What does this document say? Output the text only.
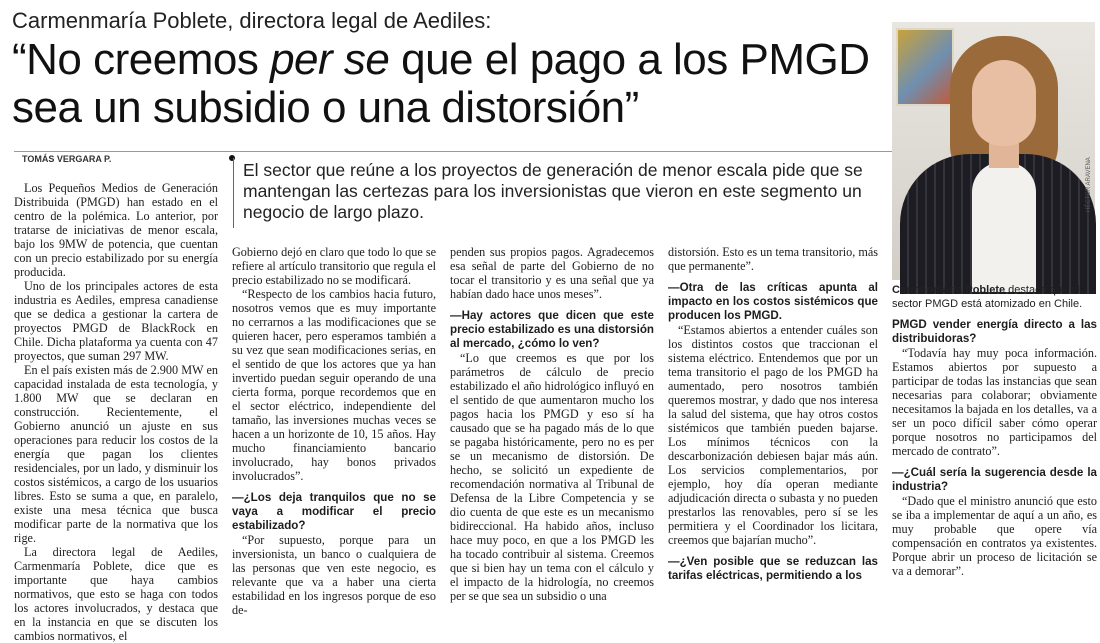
Carmenmaría Poblete, directora legal de Aediles:
“No creemos per se que el pago a los PMGD sea un subsidio o una distorsión”
TOMÁS VERGARA P.
El sector que reúne a los proyectos de generación de menor escala pide que se mantengan las certezas para los inversionistas que vieron en este segmento un negocio de largo plazo.

Los Pequeños Medios de Generación Distribuida (PMGD) han estado en el centro de la polémica. Lo anterior, por tratarse de iniciativas de menor escala, bajo los 9MW de potencia, que cuentan con un precio estabilizado por su energía producida.

Uno de los principales actores de esta industria es Aediles, empresa canadiense que se dedica a gestionar la cartera de proyectos PMGD de BlackRock en Chile. Dicha plataforma ya cuenta con 47 proyectos, que suman 297 MW.

En el país existen más de 2.900 MW en capacidad instalada de esta tecnología, y 1.800 MW que se declaran en construcción. Recientemente, el Gobierno anunció un ajuste en sus operaciones para reducir los costos de la energía que pagan los clientes residenciales, por un lado, y disminuir los costos sistémicos, a cargo de los usuarios libres. Esto se suma a que, en paralelo, existe una mesa técnica que busca modificar parte de la normativa que los rige.

La directora legal de Aediles, Carmenmaría Poblete, dice que es importante que haya cambios normativos, que esto se haga con todos los actores involucrados, y destaca que en la instancia en que se discuten los cambios normativos, el

Gobierno dejó en claro que todo lo que se refiere al artículo transitorio que regula el precio estabilizado no se modificará.

“Respecto de los cambios hacia futuro, nosotros vemos que es muy importante no cerrarnos a las modificaciones que se quieren hacer, pero esperamos también a su vez que sean modificaciones serias, en el sentido de que los actores que ya han invertido puedan seguir operando de una cierta forma, porque recordemos que en el sector eléctrico, independiente del tamaño, las inversiones muchas veces se hacen a un horizonte de 10, 15 años. Hay mucho financiamiento bancario involucrado, hay bonos privados involucrados”.

—¿Los deja tranquilos que no se vaya a modificar el precio estabilizado?

“Por supuesto, porque para un inversionista, un banco o cualquiera de las personas que ven este negocio, es relevante que va a haber una cierta estabilidad en los ingresos porque de eso de-

penden sus propios pagos. Agradecemos esa señal de parte del Gobierno de no tocar el transitorio y es una señal que ya habían dado hace unos meses”.

—Hay actores que dicen que este precio estabilizado es una distorsión al mercado, ¿cómo lo ven?

“Lo que creemos es que por los parámetros de cálculo de precio estabilizado el año hidrológico influyó en el sentido de que aumentaron mucho los pagos hacia los PMGD y eso sí ha causado que se ha pagado más de lo que se pagaba históricamente, pero no es per se un mecanismo de distorsión. De hecho, se solicitó un expediente de recomendación normativa al Tribunal de Defensa de la Libre Competencia y se dio cuenta de que este es un mecanismo bidireccional. Ha habido años, incluso hace muy poco, en que a los PMGD les ha tocado contribuir al sistema. Creemos que si bien hay un tema con el cálculo y el impacto de la hidrología, no creemos per se que sea un subsidio o una

distorsión. Esto es un tema transitorio, más que permanente”.

—Otra de las críticas apunta al impacto en los costos sistémicos que producen los PMGD.

“Estamos abiertos a entender cuáles son los distintos costos que traccionan el sistema eléctrico. Entendemos que por un tema transitorio el pago de los PMGD ha aumentado, pero nosotros también queremos mostrar, y dado que nos interesa la salud del sistema, que hay otros costos sistémicos que también pueden bajarse. Los mínimos técnicos con la descarbonización debiesen bajar más aún. Los servicios complementarios, por ejemplo, hoy día operan mediante adjudicación directa o subasta y no pueden prestarlos las renovables, pero sí se les permitiera y el Coordinador los licitara, creemos que bajarían mucho”.

—¿Ven posible que se reduzcan las tarifas eléctricas, permitiendo a los

HÉCTOR ARAVENA
Carmenmaría Poblete destaca que el sector PMGD está atomizado en Chile.

PMGD vender energía directo a las distribuidoras?

“Todavía hay muy poca información. Estamos abiertos por supuesto a participar de todas las instancias que sean necesarias para colaborar; obviamente necesitamos la bajada en los detalles, va a ser un poco difícil saber cómo operar porque nosotros no participamos del mercado de contrato”.

—¿Cuál sería la sugerencia desde la industria?

“Dado que el ministro anunció que esto se iba a implementar de aquí a un año, es muy probable que opere vía compensación en contratos ya existentes. Porque abrir un proceso de licitación se va a demorar”.
